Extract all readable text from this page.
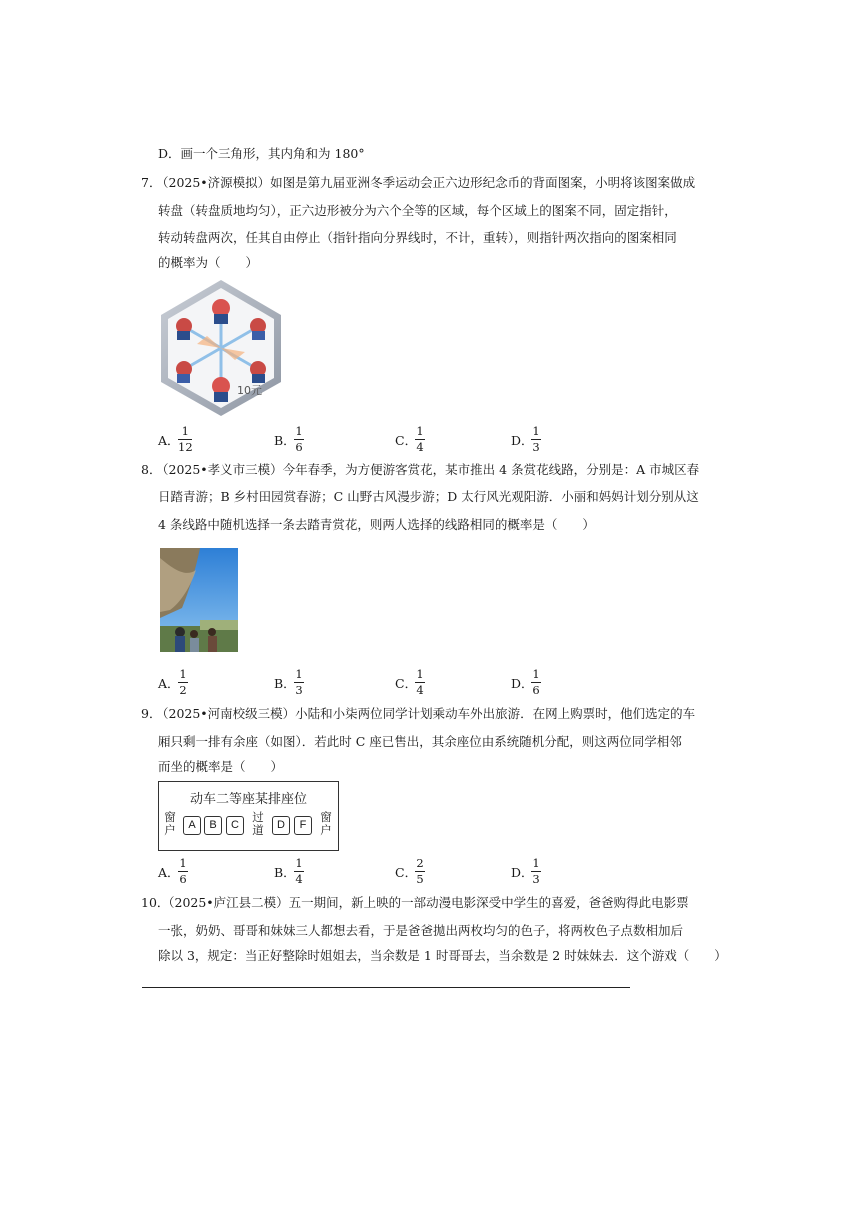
D．画一个三角形，其内角和为 180°
7．
（2025•济源模拟）如图是第九届亚洲冬季运动会正六边形纪念币的背面图案，小明将该图案做成
转盘（转盘质地均匀），正六边形被分为六个全等的区域，每个区域上的图案不同，固定指针，
转动转盘两次，任其自由停止（指针指向分界线时，不计，重转），则指针两次指向的图案相同
的概率为（　　）
10元
A．
1
12	B．
1
6	C．
1
4	D．
1
3
8．
（2025•孝义市三模）今年春季，为方便游客赏花，某市推出 4 条赏花线路，分别是：A 市城区春
日踏青游；B 乡村田园赏春游；C 山野古风漫步游；D 太行风光观阳游．小丽和妈妈计划分别从这
4 条线路中随机选择一条去踏青赏花，则两人选择的线路相同的概率是（　　）
A．
1
2	B．
1
3	C．
1
4	D．
1
6
9．
（2025•河南校级三模）小陆和小柒两位同学计划乘动车外出旅游．在网上购票时，他们选定的车
厢只剩一排有余座（如图）．若此时 C 座已售出，其余座位由系统随机分配，则这两位同学相邻
而坐的概率是（　　）
动车二等座某排座位
窗
户	A	B	C
过
道	D	F
窗
户
A．
1
6	B．
1
4	C．
2
5	D．
1
3
10．
（2025•庐江县二模）五一期间，新上映的一部动漫电影深受中学生的喜爱，爸爸购得此电影票
一张，奶奶、哥哥和妹妹三人都想去看，于是爸爸拋出两枚均匀的色子，将两枚色子点数相加后
除以 3，规定：当正好整除时姐姐去，当余数是 1 时哥哥去，当余数是 2 时妹妹去．这个游戏（　　）
